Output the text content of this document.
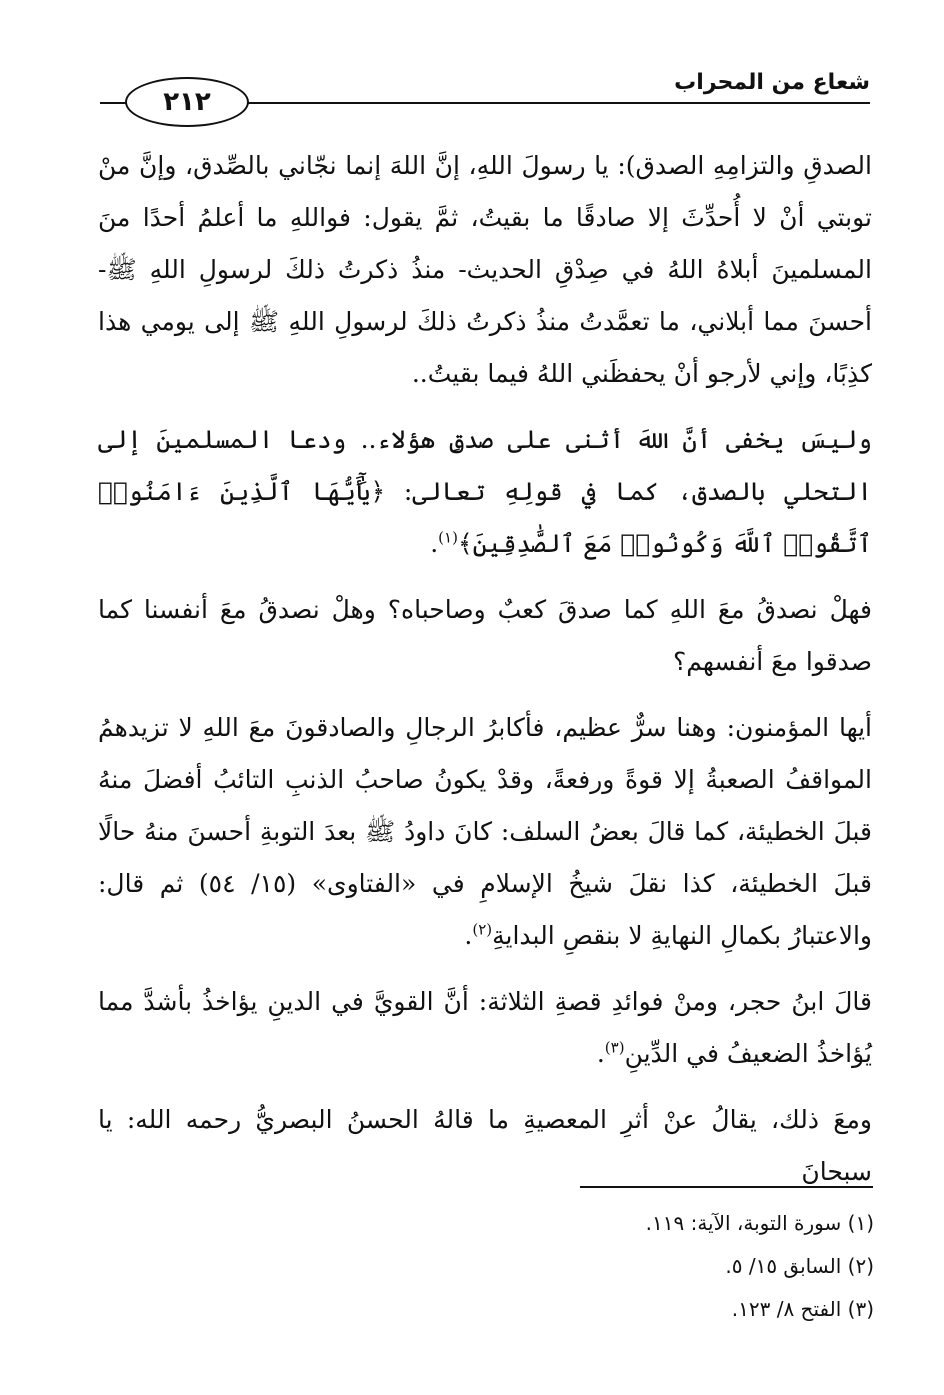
شعاع من المحراب
٢١٢

الصدقِ والتزامِهِ الصدق): يا رسولَ اللهِ، إنَّ اللهَ إنما نجّاني بالصِّدق، وإنَّ منْ توبتي أنْ لا أُحدِّثَ إلا صادقًا ما بقيتُ، ثمَّ يقول: فواللهِ ما أعلمُ أحدًا منَ المسلمينَ أبلاهُ اللهُ في صِدْقِ الحديث- منذُ ذكرتُ ذلكَ لرسولِ اللهِ ﷺ- أحسنَ مما أبلاني، ما تعمَّدتُ منذُ ذكرتُ ذلكَ لرسولِ اللهِ ﷺ إلى يومي هذا كذِبًا، وإني لأرجو أنْ يحفظَني اللهُ فيما بقيتُ..

وليسَ يخفى أنَّ اللهَ أثنى على صدقِ هؤلاء.. ودعا المسلمينَ إلى التحلي بالصدق، كما في قولِهِ تعالى: ﴿يَٰٓأَيُّهَا ٱلَّذِينَ ءَامَنُوا۟ ٱتَّقُوا۟ ٱللَّهَ وَكُونُوا۟ مَعَ ٱلصَّٰدِقِينَ﴾$^{(١)}$.

فهلْ نصدقُ معَ اللهِ كما صدقَ كعبٌ وصاحباه؟ وهلْ نصدقُ معَ أنفسنا كما صدقوا معَ أنفسهم؟

أيها المؤمنون: وهنا سرٌّ عظيم، فأكابرُ الرجالِ والصادقونَ معَ اللهِ لا تزيدهمُ المواقفُ الصعبةُ إلا قوةً ورفعةً، وقدْ يكونُ صاحبُ الذنبِ التائبُ أفضلَ منهُ قبلَ الخطيئة، كما قالَ بعضُ السلف: كانَ داودُ ﷺ بعدَ التوبةِ أحسنَ منهُ حالًا قبلَ الخطيئة، كذا نقلَ شيخُ الإسلامِ في «الفتاوى» (١٥/ ٥٤) ثم قال: والاعتبارُ بكمالِ النهايةِ لا بنقصِ البدايةِ$^{(٢)}$.

قالَ ابنُ حجر، ومنْ فوائدِ قصةِ الثلاثة: أنَّ القويَّ في الدينِ يؤاخذُ بأشدَّ مما يُؤاخذُ الضعيفُ في الدِّينِ$^{(٣)}$.

ومعَ ذلك، يقالُ عنْ أثرِ المعصيةِ ما قالهُ الحسنُ البصريُّ رحمه الله: يا سبحانَ

(١) سورة التوبة، الآية: ١١٩.

(٢) السابق ١٥/ ٥.

(٣) الفتح ٨/ ١٢٣.
